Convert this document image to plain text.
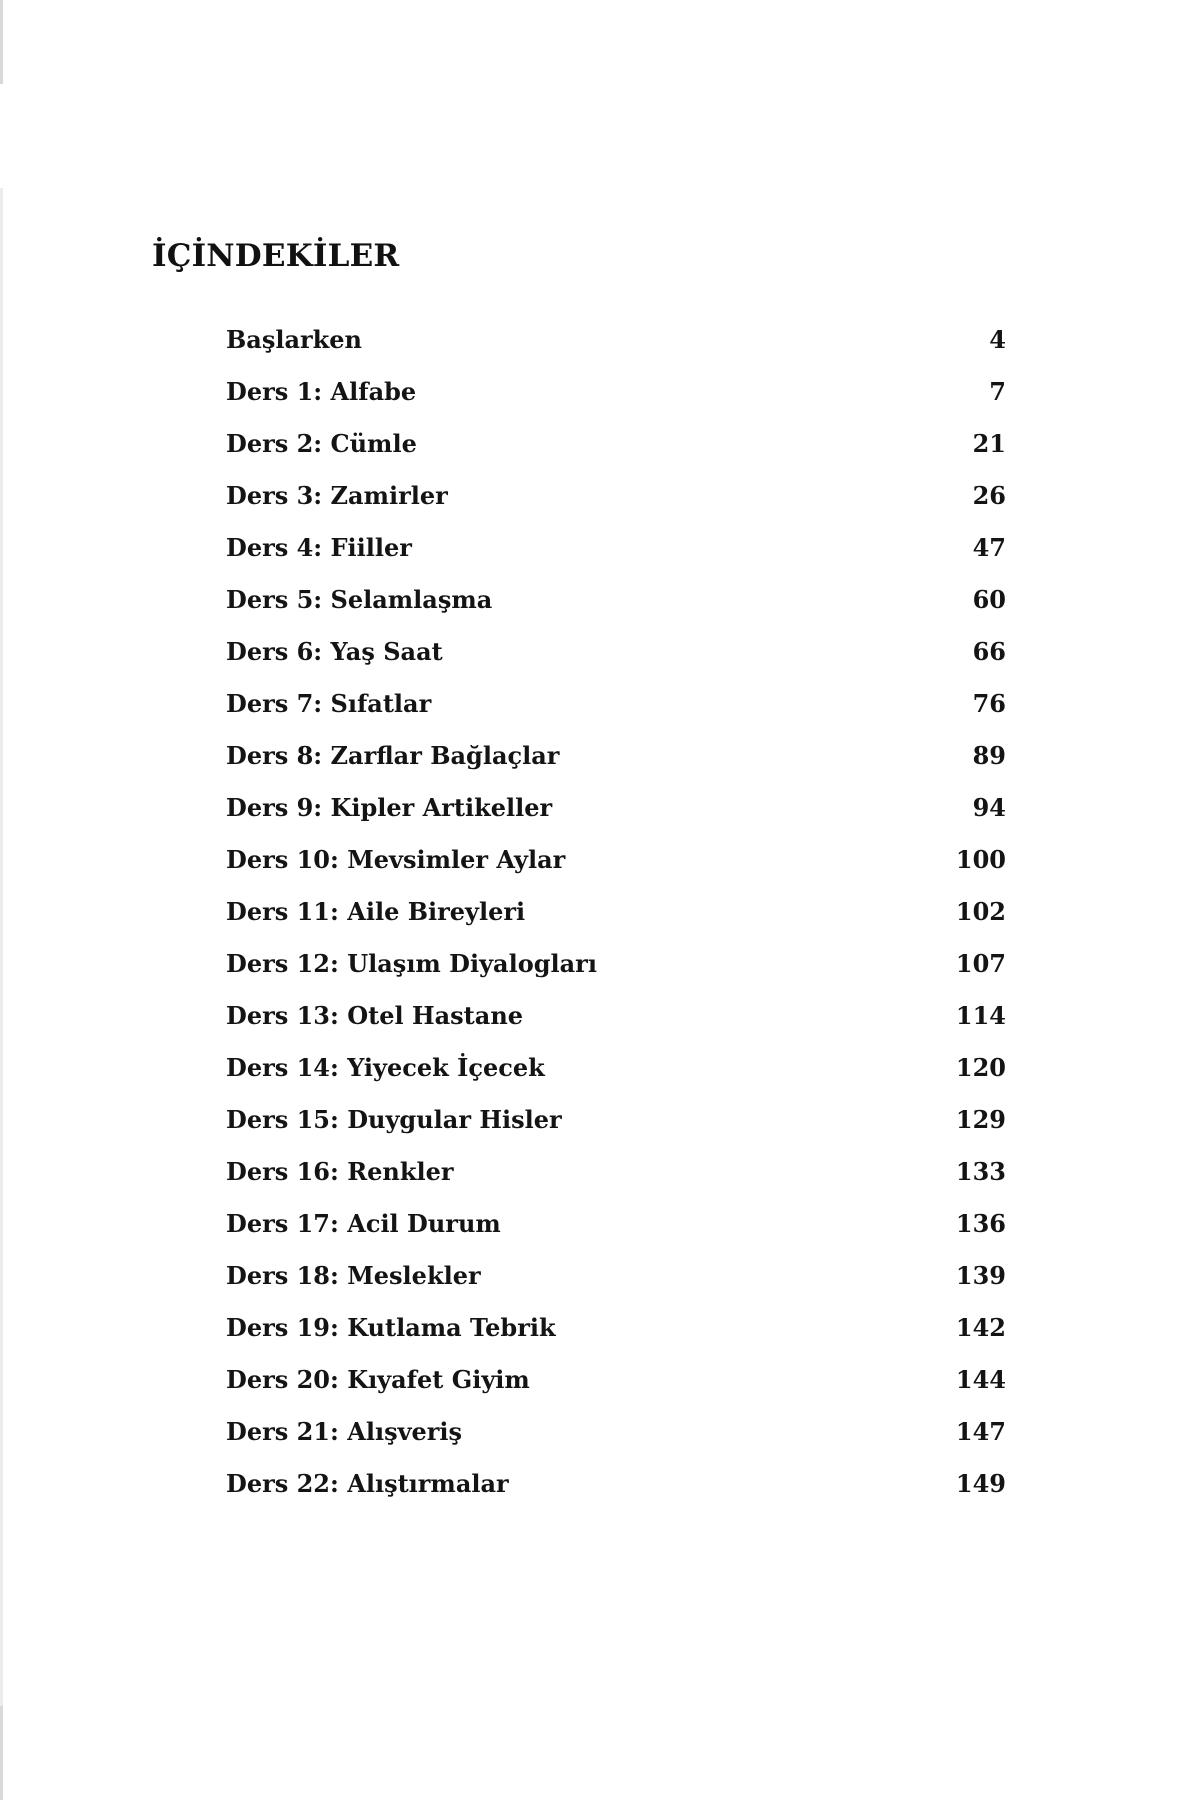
İÇİNDEKİLER
Başlarken	4
Ders 1: Alfabe	7
Ders 2: Cümle	21
Ders 3: Zamirler	26
Ders 4: Fiiller	47
Ders 5: Selamlaşma	60
Ders 6: Yaş Saat	66
Ders 7: Sıfatlar	76
Ders 8: Zarflar Bağlaçlar	89
Ders 9: Kipler Artikeller	94
Ders 10: Mevsimler Aylar	100
Ders 11: Aile Bireyleri	102
Ders 12: Ulaşım Diyalogları	107
Ders 13: Otel Hastane	114
Ders 14: Yiyecek İçecek	120
Ders 15: Duygular Hisler	129
Ders 16: Renkler	133
Ders 17: Acil Durum	136
Ders 18: Meslekler	139
Ders 19: Kutlama Tebrik	142
Ders 20: Kıyafet Giyim	144
Ders 21: Alışveriş	147
Ders 22: Alıştırmalar	149
